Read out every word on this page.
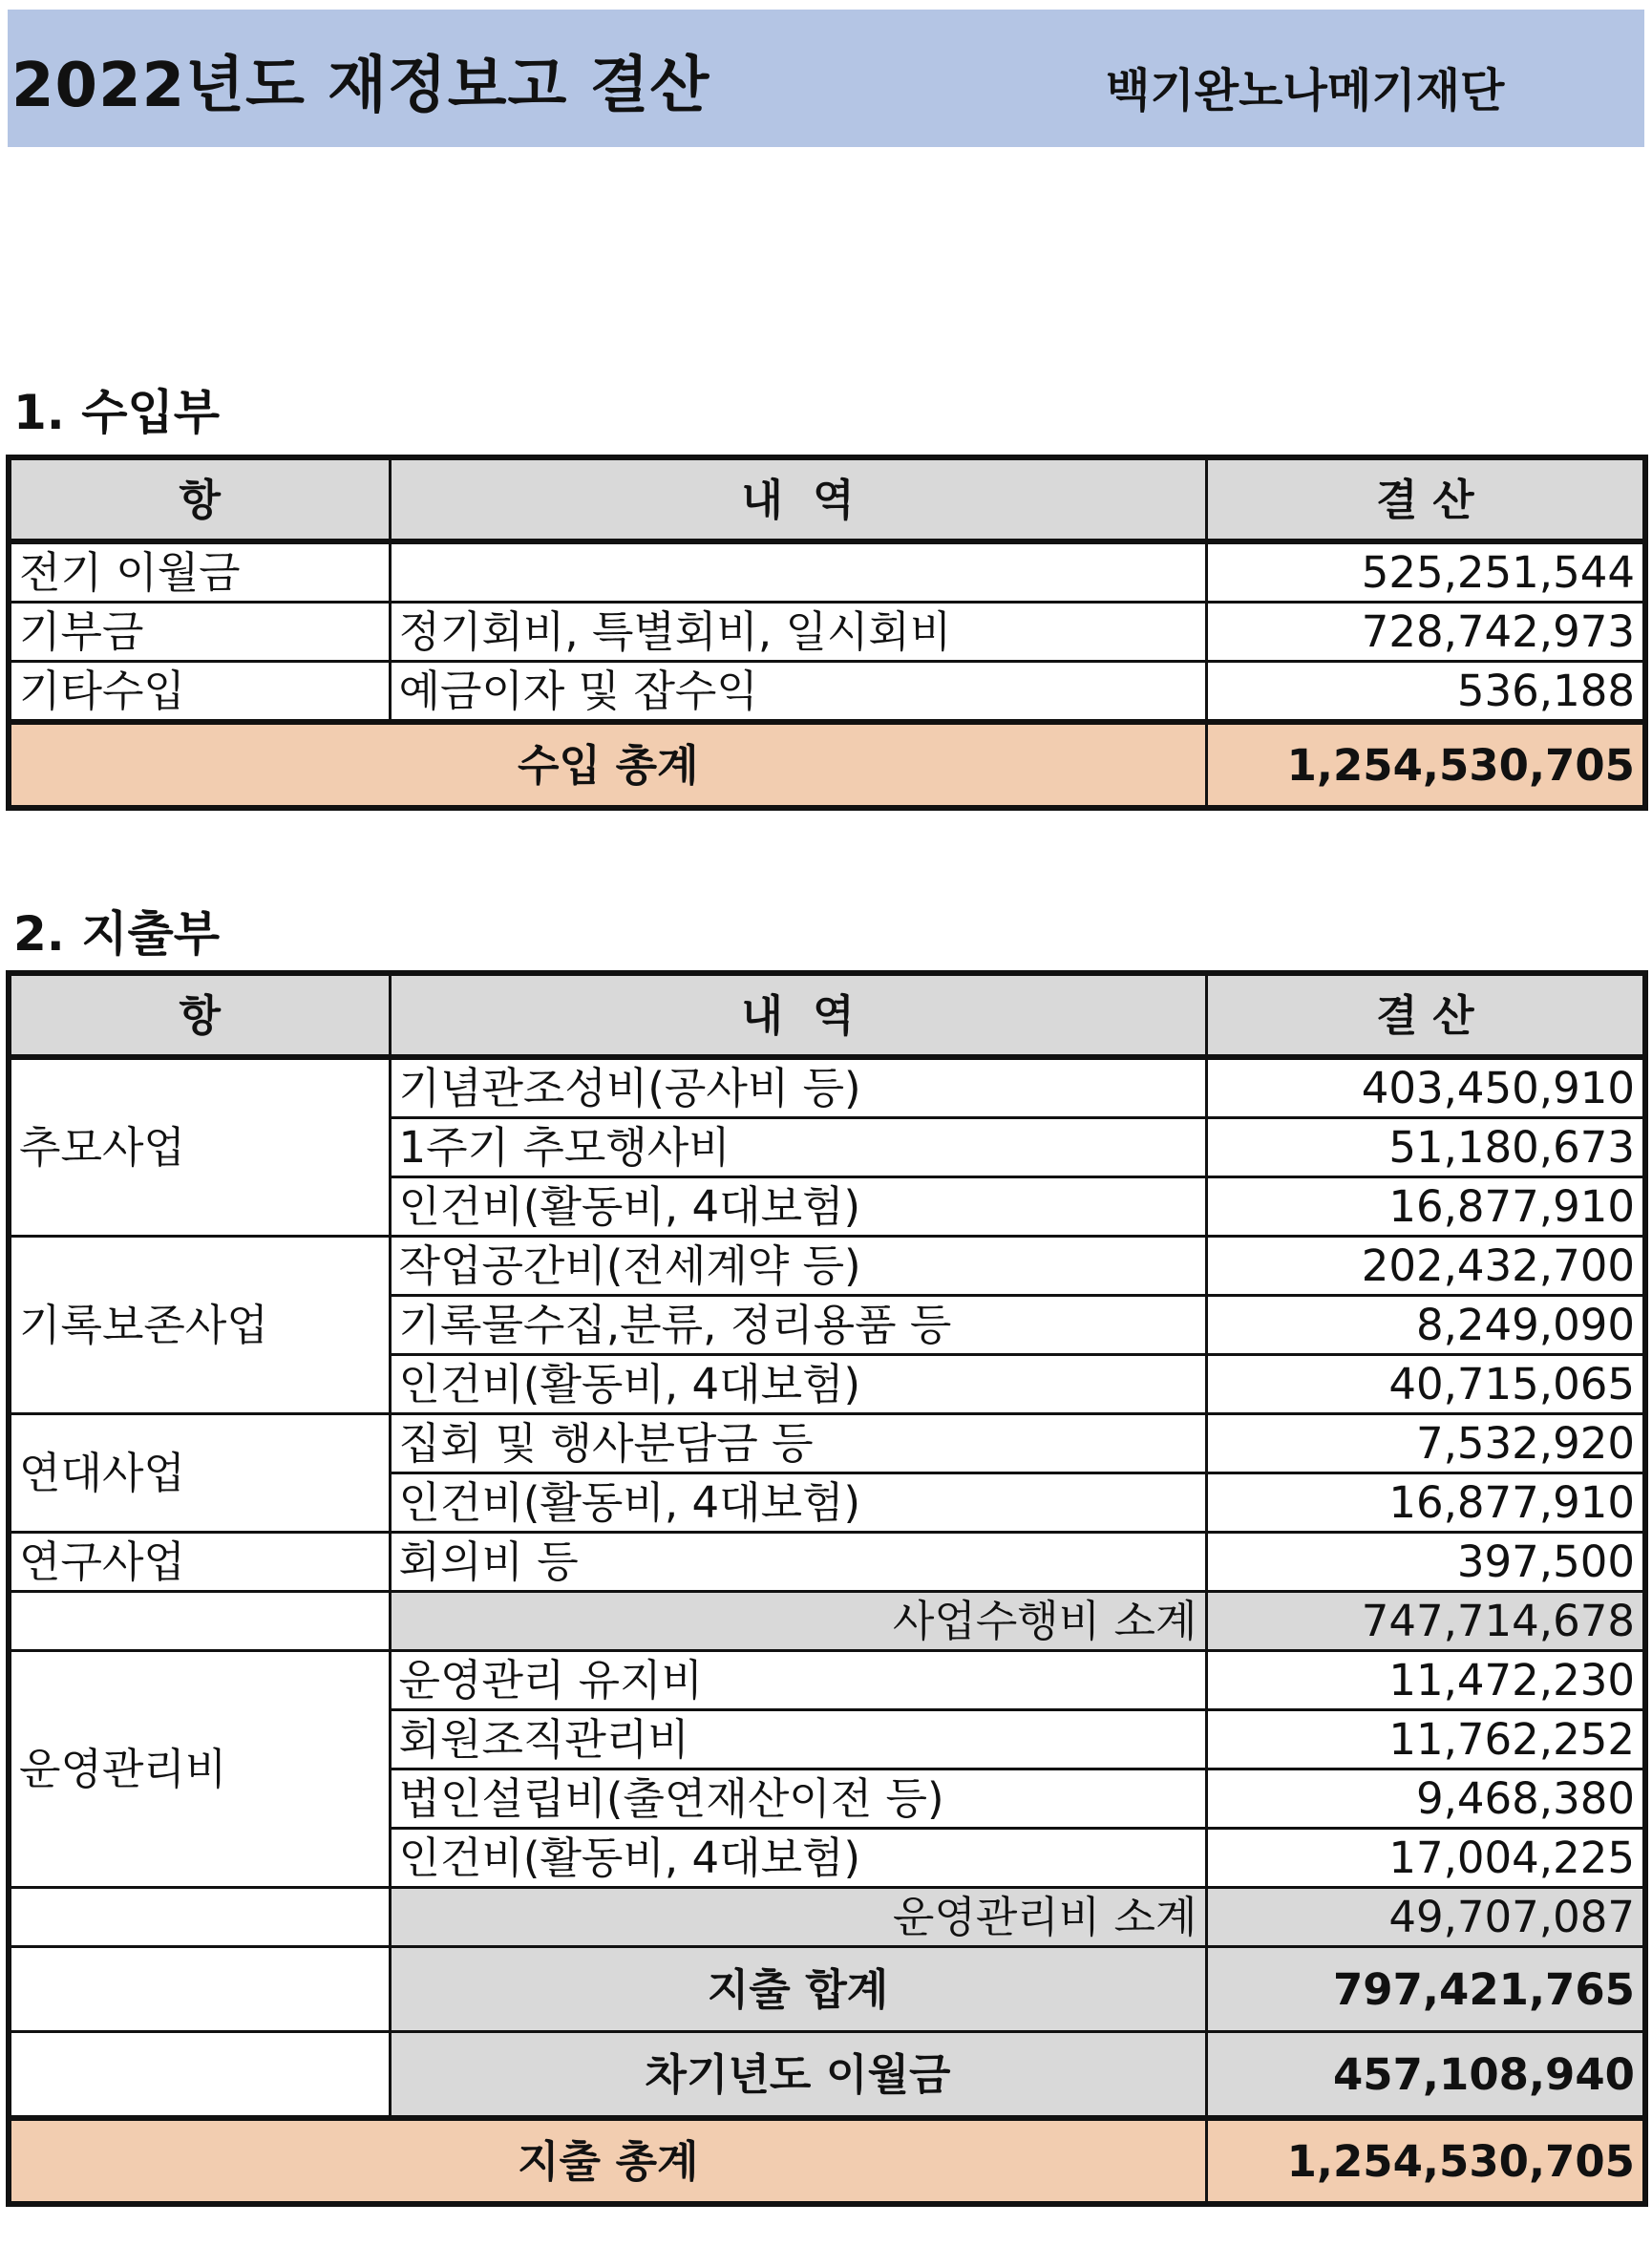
2022년도 재정보고 결산	백기완노나메기재단
1. 수입부
항	내  역	결 산
전기 이월금		525,251,544
기부금	정기회비, 특별회비, 일시회비	728,742,973
기타수입	예금이자 및 잡수익	536,188
수입 총계		1,254,530,705
2. 지출부
항	내  역	결 산
추모사업	기념관조성비(공사비 등)	403,450,910
	1주기 추모행사비	51,180,673
	인건비(활동비, 4대보험)	16,877,910
기록보존사업	작업공간비(전세계약 등)	202,432,700
	기록물수집,분류, 정리용품 등	8,249,090
	인건비(활동비, 4대보험)	40,715,065
연대사업	집회 및 행사분담금 등	7,532,920
	인건비(활동비, 4대보험)	16,877,910
연구사업	회의비 등	397,500
	사업수행비 소계	747,714,678
운영관리비	운영관리 유지비	11,472,230
	회원조직관리비	11,762,252
	법인설립비(출연재산이전 등)	9,468,380
	인건비(활동비, 4대보험)	17,004,225
	운영관리비 소계	49,707,087
	지출 합계	797,421,765
	차기년도 이월금	457,108,940
지출 총계		1,254,530,705
